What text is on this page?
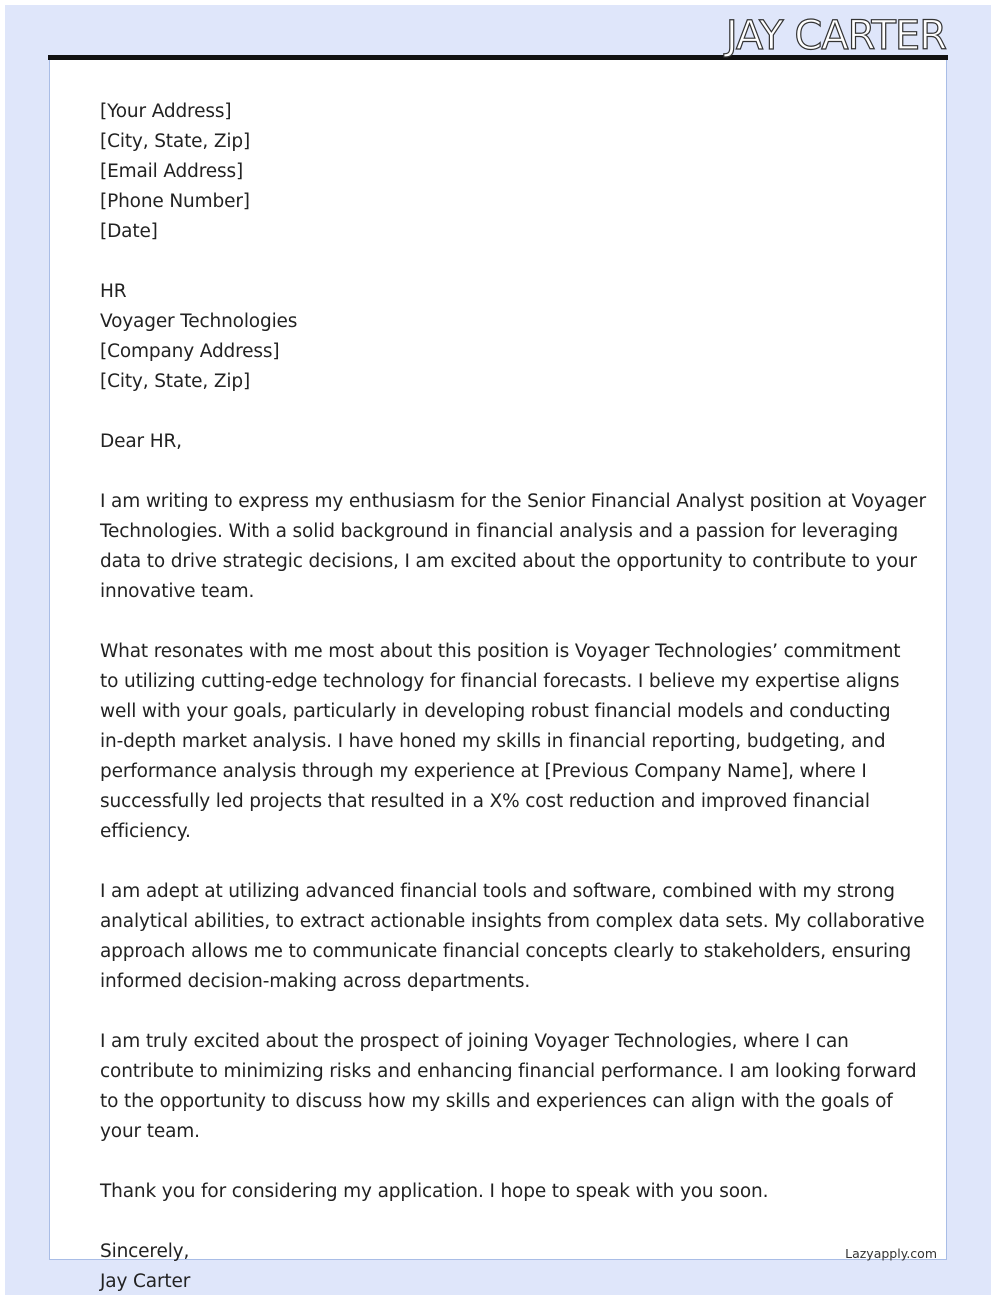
JAY CARTER
[Your Address]
[City, State, Zip]
[Email Address]
[Phone Number]
[Date]
HR
Voyager Technologies
[Company Address]
[City, State, Zip]
Dear HR,
I am writing to express my enthusiasm for the Senior Financial Analyst position at Voyager
Technologies. With a solid background in financial analysis and a passion for leveraging
data to drive strategic decisions, I am excited about the opportunity to contribute to your
innovative team.
What resonates with me most about this position is Voyager Technologies’ commitment
to utilizing cutting-edge technology for financial forecasts. I believe my expertise aligns
well with your goals, particularly in developing robust financial models and conducting
in-depth market analysis. I have honed my skills in financial reporting, budgeting, and
performance analysis through my experience at [Previous Company Name], where I
successfully led projects that resulted in a X% cost reduction and improved financial
efficiency.
I am adept at utilizing advanced financial tools and software, combined with my strong
analytical abilities, to extract actionable insights from complex data sets. My collaborative
approach allows me to communicate financial concepts clearly to stakeholders, ensuring
informed decision-making across departments.
I am truly excited about the prospect of joining Voyager Technologies, where I can
contribute to minimizing risks and enhancing financial performance. I am looking forward
to the opportunity to discuss how my skills and experiences can align with the goals of
your team.
Thank you for considering my application. I hope to speak with you soon.
Sincerely,
Jay Carter
Lazyapply.com
